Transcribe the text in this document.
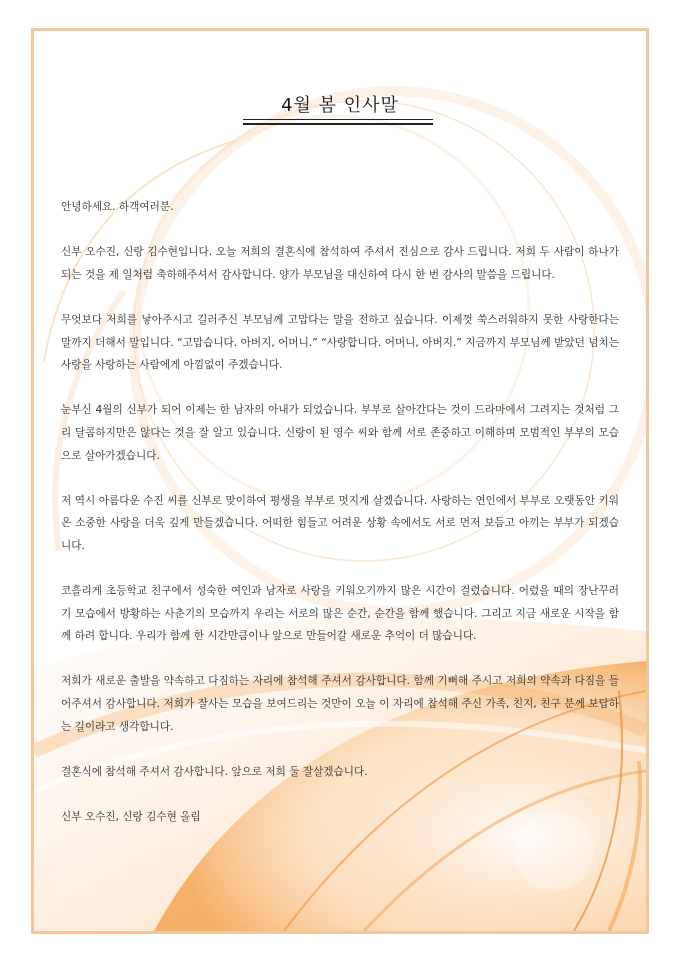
4월 봄 인사말

안녕하세요. 하객여러분.

신부 오수진, 신랑 김수현입니다. 오늘 저희의 결혼식에 참석하여 주셔서 진심으로 감사 드립니다. 저희 두 사람이 하나가 되는 것을 제 일처럼 축하해주셔서 감사합니다. 양가 부모님을 대신하여 다시 한 번 감사의 말씀을 드립니다.

무엇보다 저희를 낳아주시고 길러주신 부모님께 고맙다는 말을 전하고 싶습니다. 이제껏 쑥스러워하지 못한 사랑한다는 말까지 더해서 말입니다. “고맙습니다. 아버지, 어머니.” “사랑합니다. 어머니, 아버지.” 지금까지 부모님께 받았던 넘치는 사랑을 사랑하는 사람에게 아낌없이 주겠습니다.

눈부신 4월의 신부가 되어 이제는 한 남자의 아내가 되었습니다. 부부로 살아간다는 것이 드라마에서 그려지는 것처럼 그리 달콤하지만은 않다는 것을 잘 알고 있습니다. 신랑이 된 영수 씨와 함께 서로 존중하고 이해하며 모범적인 부부의 모습으로 살아가겠습니다.

저 역시 아름다운 수진 씨를 신부로 맞이하여 평생을 부부로 멋지게 살겠습니다. 사랑하는 연인에서 부부로 오랫동안 키워온 소중한 사랑을 더욱 깊게 만들겠습니다. 어떠한 힘들고 어려운 상황 속에서도 서로 먼저 보듬고 아끼는 부부가 되겠습니다.

코흘리게 초등학교 친구에서 성숙한 여인과 남자로 사랑을 키워오기까지 많은 시간이 걸렸습니다. 어렸을 때의 장난꾸러기 모습에서 방황하는 사춘기의 모습까지 우리는 서로의 많은 순간, 순간을 함께 했습니다. 그리고 지금 새로운 시작을 함께 하려 합니다. 우리가 함께 한 시간만큼이나 앞으로 만들어갈 새로운 추억이 더 많습니다.

저희가 새로운 출발을 약속하고 다짐하는 자리에 참석해 주셔서 감사합니다. 함께 기뻐해 주시고 저희의 약속과 다짐을 들어주셔서 감사합니다. 저희가 잘사는 모습을 보여드리는 것만이 오늘 이 자리에 참석해 주신 가족, 친지, 친구 분께 보답하는 길이라고 생각합니다.

결혼식에 참석해 주셔서 감사합니다. 앞으로 저희 둘 잘살겠습니다.

신부 오수진, 신랑 김수현 올림
